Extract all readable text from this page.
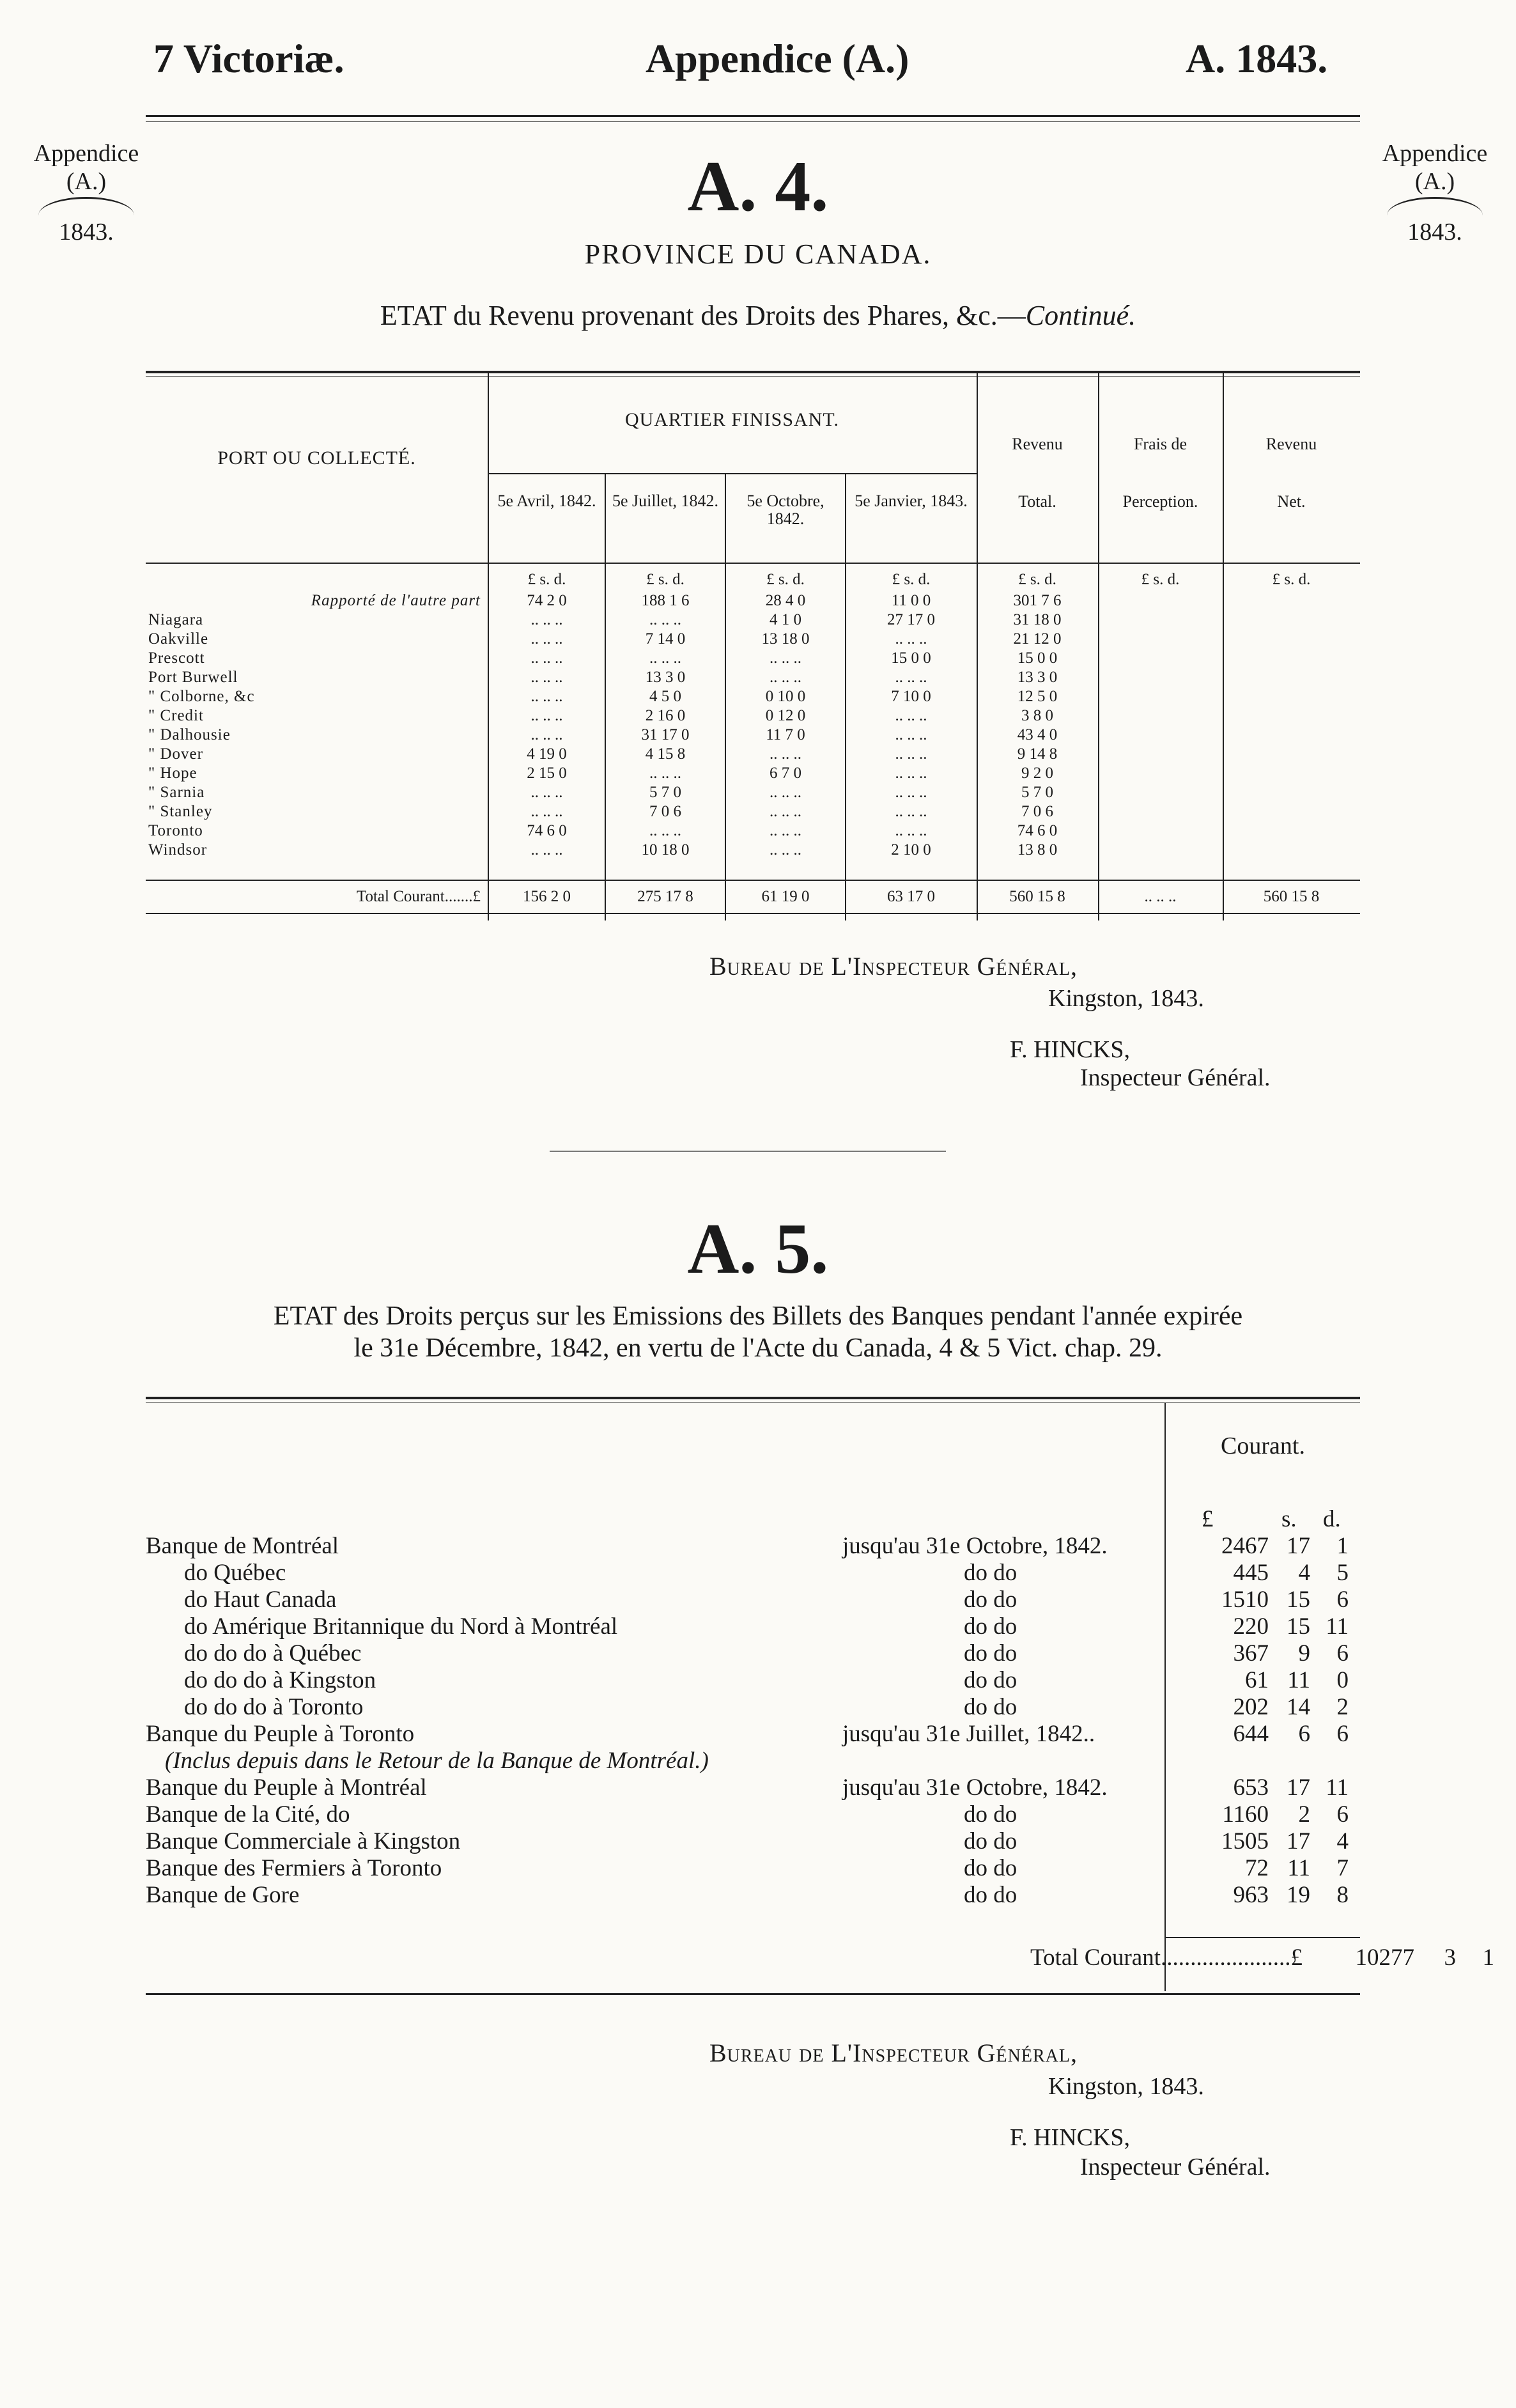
7 Victoriæ.	Appendice (A.)	A. 1843.
Appendice
(A.)
1843.
Appendice
(A.)
1843.
A. 4.
PROVINCE DU CANADA.
ETAT du Revenu provenant des Droits des Phares, &c.—Continué.
PORT OU COLLECTÉ.
QUARTIER FINISSANT.
5e Avril, 1842. 5e Juillet, 1842.	5e Octobre, 1842.
5e Janvier, 1843.
Revenu
Total.
Frais de
Perception.
Revenu
Net.
£ s. d.	£ s. d.	£ s. d.	£ s. d.	£ s. d.	£ s. d.	£ s. d.
Rapporté de l'autre part	74 2 0	188 1 6	28 4 0	11 0 0	301 7 6
Niagara	.. .. ..	.. .. ..	4 1 0	27 17 0	31 18 0
Oakville	.. .. ..	7 14 0	13 18 0	.. .. ..	21 12 0
Prescott	.. .. ..	.. .. ..	.. .. ..	15 0 0	15 0 0
Port Burwell	.. .. ..	13 3 0	.. .. ..	.. .. ..	13 3 0
" Colborne, &c	.. .. ..	4 5 0	0 10 0	7 10 0	12 5 0
" Credit	.. .. ..	2 16 0	0 12 0	.. .. ..	3 8 0
" Dalhousie	.. .. ..	31 17 0	11 7 0	.. .. ..	43 4 0
" Dover	4 19 0	4 15 8	.. .. ..	.. .. ..	9 14 8
" Hope	2 15 0	.. .. ..	6 7 0	.. .. ..	9 2 0
" Sarnia	.. .. ..	5 7 0	.. .. ..	.. .. ..	5 7 0
" Stanley	.. .. ..	7 0 6	.. .. ..	.. .. ..	7 0 6
Toronto	74 6 0	.. .. ..	.. .. ..	.. .. ..	74 6 0
Windsor	.. .. ..	10 18 0	.. .. ..	2 10 0	13 8 0
Total Courant.......£	156 2 0	275 17 8	61 19 0	63 17 0	560 15 8	.. .. ..	560 15 8
Bureau de L'Inspecteur Général,
Kingston, 1843.
F. HINCKS,
Inspecteur Général.
A. 5.
ETAT des Droits perçus sur les Emissions des Billets des Banques pendant l'année expirée
le 31e Décembre, 1842, en vertu de l'Acte du Canada, 4 & 5 Vict. chap. 29.
Courant.
£	s. d.
Banque de Montréal	jusqu'au 31e Octobre, 1842.	2467 17	1
do Québec	do do	445	4	5
do Haut Canada	do do	1510 15	6
do Amérique Britannique du Nord à Montréal	do do	220 15 11
do do do à Québec	do do	367	9	6
do do do à Kingston	do do	61 11	0
do do do à Toronto	do do	202 14	2
Banque du Peuple à Toronto	jusqu'au 31e Juillet, 1842..	644	6	6
(Inclus depuis dans le Retour de la Banque de Montréal.)
Banque du Peuple à Montréal	jusqu'au 31e Octobre, 1842.	653 17 11
Banque de la Cité, do	do do	1160	2	6
Banque Commerciale à Kingston	do do	1505 17	4
Banque des Fermiers à Toronto	do do	72 11	7
Banque de Gore	do do	963 19	8
Total Courant......................£	10277	3	1
Bureau de L'Inspecteur Général,
Kingston, 1843.
F. HINCKS,
Inspecteur Général.
